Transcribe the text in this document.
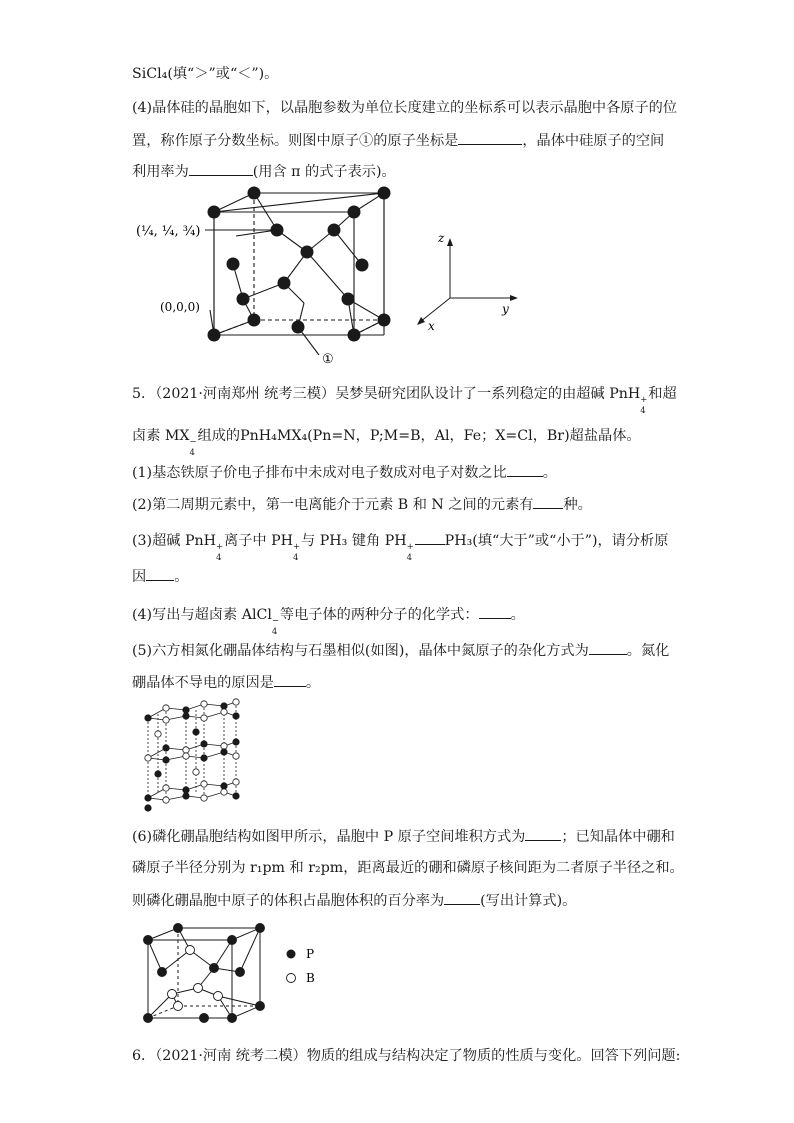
SiCl₄(填“＞”或“＜”)。
(4)晶体硅的晶胞如下，以晶胞参数为单位长度建立的坐标系可以表示晶胞中各原子的位
置，称作原子分数坐标。则图中原子①的原子坐标是	，晶体中硅原子的空间
利用率为	(用含 π 的式子表示)。
(¼, ¼, ¾)
(0,0,0)
①
z
y
x
5．（2021·河南郑州 统考三模）吴梦昊研究团队设计了一系列稳定的由超碱 PnH +
4
和超
卤素 MX −
4
组成的PnH₄MX₄(Pn=N，P;M=B，Al，Fe；X=Cl，Br)超盐晶体。
(1)基态铁原子价电子排布中未成对电子数成对电子对数之比	。
(2)第二周期元素中，第一电离能介于元素 B 和 N 之间的元素有 种。
(3)超碱 PnH +
4
离子中 PH +
4
与 PH₃ 键角 PH +
4
PH₃(填“大于”或“小于”)，请分析原
因 。
(4)写出与超卤素 AlCl −
4
等电子体的两种分子的化学式： 。
(5)六方相氮化硼晶体结构与石墨相似(如图)，晶体中氮原子的杂化方式为	。氮化
硼晶体不导电的原因是 。
(6)磷化硼晶胞结构如图甲所示，晶胞中 P 原子空间堆积方式为	；已知晶体中硼和
磷原子半径分别为 r₁pm 和 r₂pm，距离最近的硼和磷原子核间距为二者原子半径之和。
则磷化硼晶胞中原子的体积占晶胞体积的百分率为	(写出计算式)。
P
B
6．（2021·河南 统考二模）物质的组成与结构决定了物质的性质与变化。回答下列问题:
